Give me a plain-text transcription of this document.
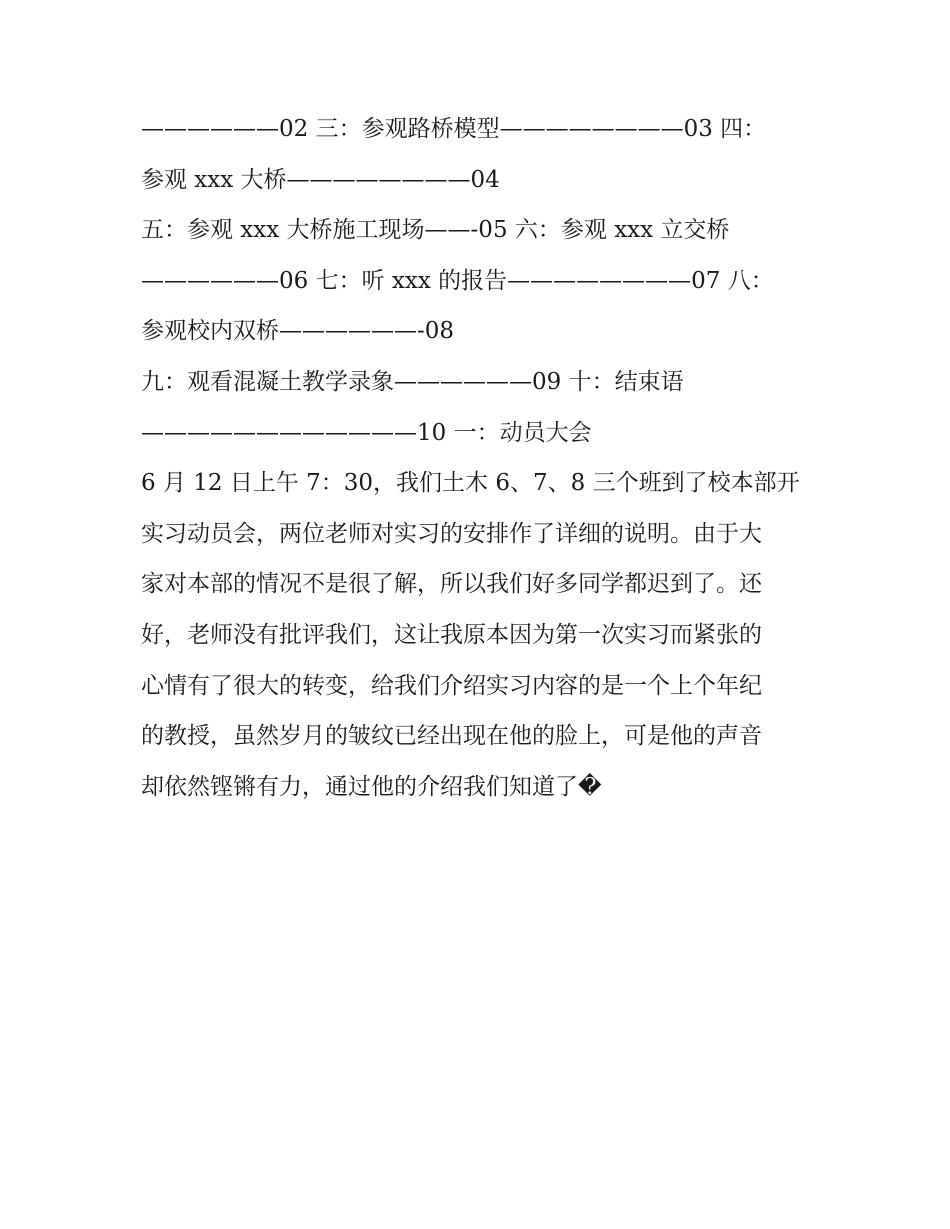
——————02 三：参观路桥模型————————03 四：
参观 xxx 大桥————————04
五：参观 xxx 大桥施工现场——-05 六：参观 xxx 立交桥
——————06 七：听 xxx 的报告————————07 八：
参观校内双桥——————-08
九：观看混凝土教学录象——————09 十：结束语
————————————10 一：动员大会
6 月 12 日上午 7：30，我们土木 6、7、8 三个班到了校本部开
实习动员会，两位老师对实习的安排作了详细的说明。由于大
家对本部的情况不是很了解，所以我们好多同学都迟到了。还
好，老师没有批评我们，这让我原本因为第一次实习而紧张的
心情有了很大的转变，给我们介绍实习内容的是一个上个年纪
的教授，虽然岁月的皱纹已经出现在他的脸上，可是他的声音
却依然铿锵有力，通过他的介绍我们知道了�
